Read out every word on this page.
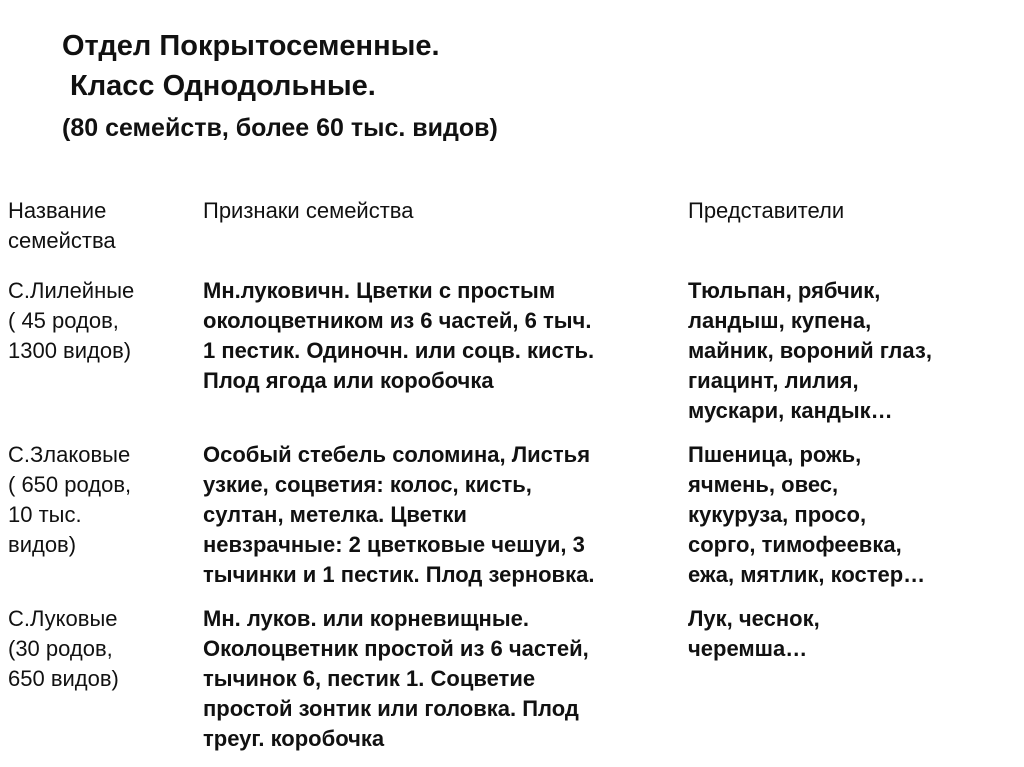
Отдел Покрытосеменные.
Класс Однодольные.
(80 семейств, более 60 тыс. видов)
Название
семейства
Признаки семейства	Представители
С.Лилейные
( 45 родов,
1300 видов)
Мн.луковичн. Цветки с простым
околоцветником из 6 частей, 6 тыч.
1 пестик. Одиночн. или соцв. кисть.
Плод ягода или коробочка
Тюльпан, рябчик,
ландыш, купена,
майник, вороний глаз,
гиацинт, лилия,
мускари, кандык…
С.Злаковые
( 650 родов,
10 тыс.
видов)
Особый стебель соломина, Листья
узкие, соцветия: колос, кисть,
султан, метелка. Цветки
невзрачные: 2 цветковые чешуи, 3
тычинки и 1 пестик. Плод зерновка.
Пшеница, рожь,
ячмень, овес,
кукуруза, просо,
сорго, тимофеевка,
ежа, мятлик, костер…
С.Луковые
(30 родов,
650 видов)
Мн. луков. или корневищные.
Околоцветник простой из 6 частей,
тычинок 6, пестик 1. Соцветие
простой зонтик или головка. Плод
треуг. коробочка
Лук, чеснок,
черемша…
